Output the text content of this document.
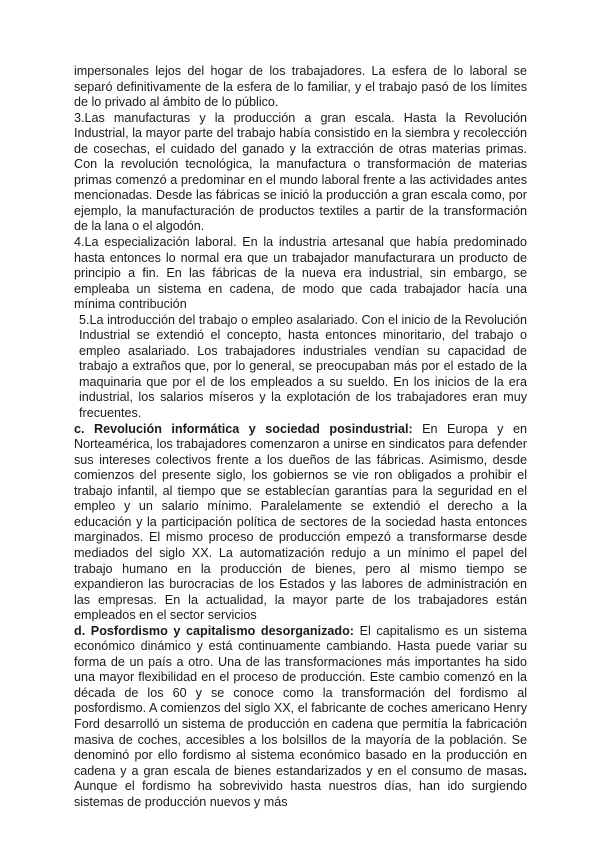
impersonales lejos del hogar de los trabajadores. La esfera de lo laboral se separó definitivamente de la esfera de lo familiar, y el trabajo pasó de los límites de lo privado al ámbito de lo público.

3.Las manufacturas y la producción a gran escala. Hasta la Revolución Industrial, la mayor parte del trabajo había consistido en la siembra y recolección de cosechas, el cuidado del ganado y la extracción de otras materias primas. Con la revolución tecnológica, la manufactura o transformación de materias primas comenzó a predominar en el mundo laboral frente a las actividades antes mencionadas. Desde las fábricas se inició la producción a gran escala como, por ejemplo, la manufacturación de productos textiles a partir de la transformación de la lana o el algodón.

4.La especialización laboral. En la industria artesanal que había predominado hasta entonces lo normal era que un trabajador manufacturara un producto de principio a fin. En las fábricas de la nueva era industrial, sin embargo, se empleaba un sistema en cadena, de modo que cada trabajador hacía una mínima contribución

5.La introducción del trabajo o empleo asalariado. Con el inicio de la Revolución Industrial se extendió el concepto, hasta entonces minoritario, del trabajo o empleo asalariado. Los trabajadores industriales vendían su capacidad de trabajo a extraños que, por lo general, se preocupaban más por el estado de la maquinaria que por el de los empleados a su sueldo. En los inicios de la era industrial, los salarios míseros y la explotación de los trabajadores eran muy frecuentes.

c. Revolución informática y sociedad posindustrial: En Europa y en Norteamérica, los trabajadores comenzaron a unirse en sindicatos para defender sus intereses colectivos frente a los dueños de las fábricas. Asimismo, desde comienzos del presente siglo, los gobiernos se vie ron obligados a prohibir el trabajo infantil, al tiempo que se establecían garantías para la seguridad en el empleo y un salario mínimo. Paralelamente se extendió el derecho a la educación y la participación política de sectores de la sociedad hasta entonces marginados. El mismo proceso de producción empezó a transformarse desde mediados del siglo XX. La automatización redujo a un mínimo el papel del trabajo humano en la producción de bienes, pero al mismo tiempo se expandieron las burocracias de los Estados y las labores de administración en las empresas. En la actualidad, la mayor parte de los trabajadores están empleados en el sector servicios

d. Posfordismo y capitalismo desorganizado: El capitalismo es un sistema económico dinámico y está continuamente cambiando. Hasta puede variar su forma de un país a otro. Una de las transformaciones más importantes ha sido una mayor flexibilidad en el proceso de producción. Este cambio comenzó en la década de los 60 y se conoce como la transformación del fordismo al posfordismo. A comienzos del siglo XX, el fabricante de coches americano Henry Ford desarrolló un sistema de producción en cadena que permitía la fabricación masiva de coches, accesibles a los bolsillos de la mayoría de la población. Se denominó por ello fordismo al sistema económico basado en la producción en cadena y a gran escala de bienes estandarizados y en el consumo de masas. Aunque el fordismo ha sobrevivido hasta nuestros días, han ido surgiendo sistemas de producción nuevos y más
